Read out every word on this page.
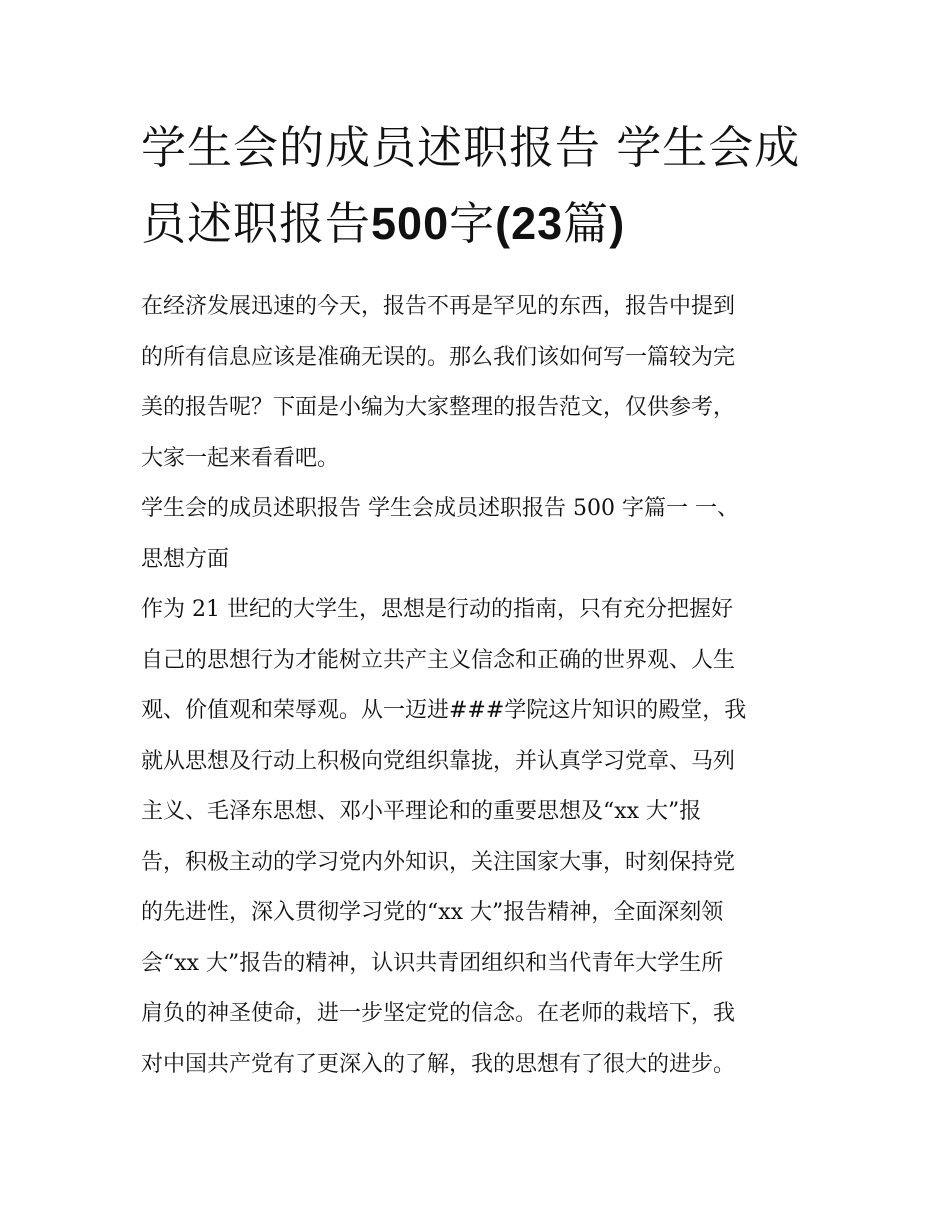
学生会的成员述职报告 学生会成员述职报告500字(23篇)

在经济发展迅速的今天，报告不再是罕见的东西，报告中提到
的所有信息应该是准确无误的。那么我们该如何写一篇较为完
美的报告呢？下面是小编为大家整理的报告范文，仅供参考，
大家一起来看看吧。

学生会的成员述职报告 学生会成员述职报告 500 字篇一 一、
思想方面

作为 21 世纪的大学生，思想是行动的指南，只有充分把握好
自己的思想行为才能树立共产主义信念和正确的世界观、人生
观、价值观和荣辱观。从一迈进###学院这片知识的殿堂，我
就从思想及行动上积极向党组织靠拢，并认真学习党章、马列
主义、毛泽东思想、邓小平理论和的重要思想及“xx 大”报
告，积极主动的学习党内外知识，关注国家大事，时刻保持党
的先进性，深入贯彻学习党的“xx 大”报告精神，全面深刻领
会“xx 大”报告的精神，认识共青团组织和当代青年大学生所
肩负的神圣使命，进一步坚定党的信念。在老师的栽培下，我
对中国共产党有了更深入的了解，我的思想有了很大的进步。
